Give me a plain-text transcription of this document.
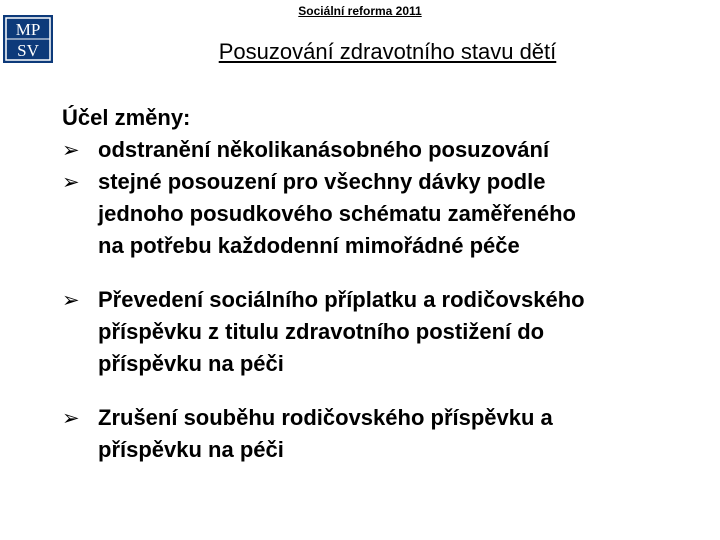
MP
SV
Sociální reforma 2011
Posuzování zdravotního stavu dětí
Účel změny:
➢ odstranění několikanásobného posuzování
➢ stejné posouzení pro všechny dávky podle
jednoho posudkového schématu zaměřeného
na potřebu každodenní mimořádné péče
➢ Převedení sociálního příplatku a rodičovského
příspěvku z titulu zdravotního postižení do
příspěvku na péči
➢ Zrušení souběhu rodičovského příspěvku a
příspěvku na péči
